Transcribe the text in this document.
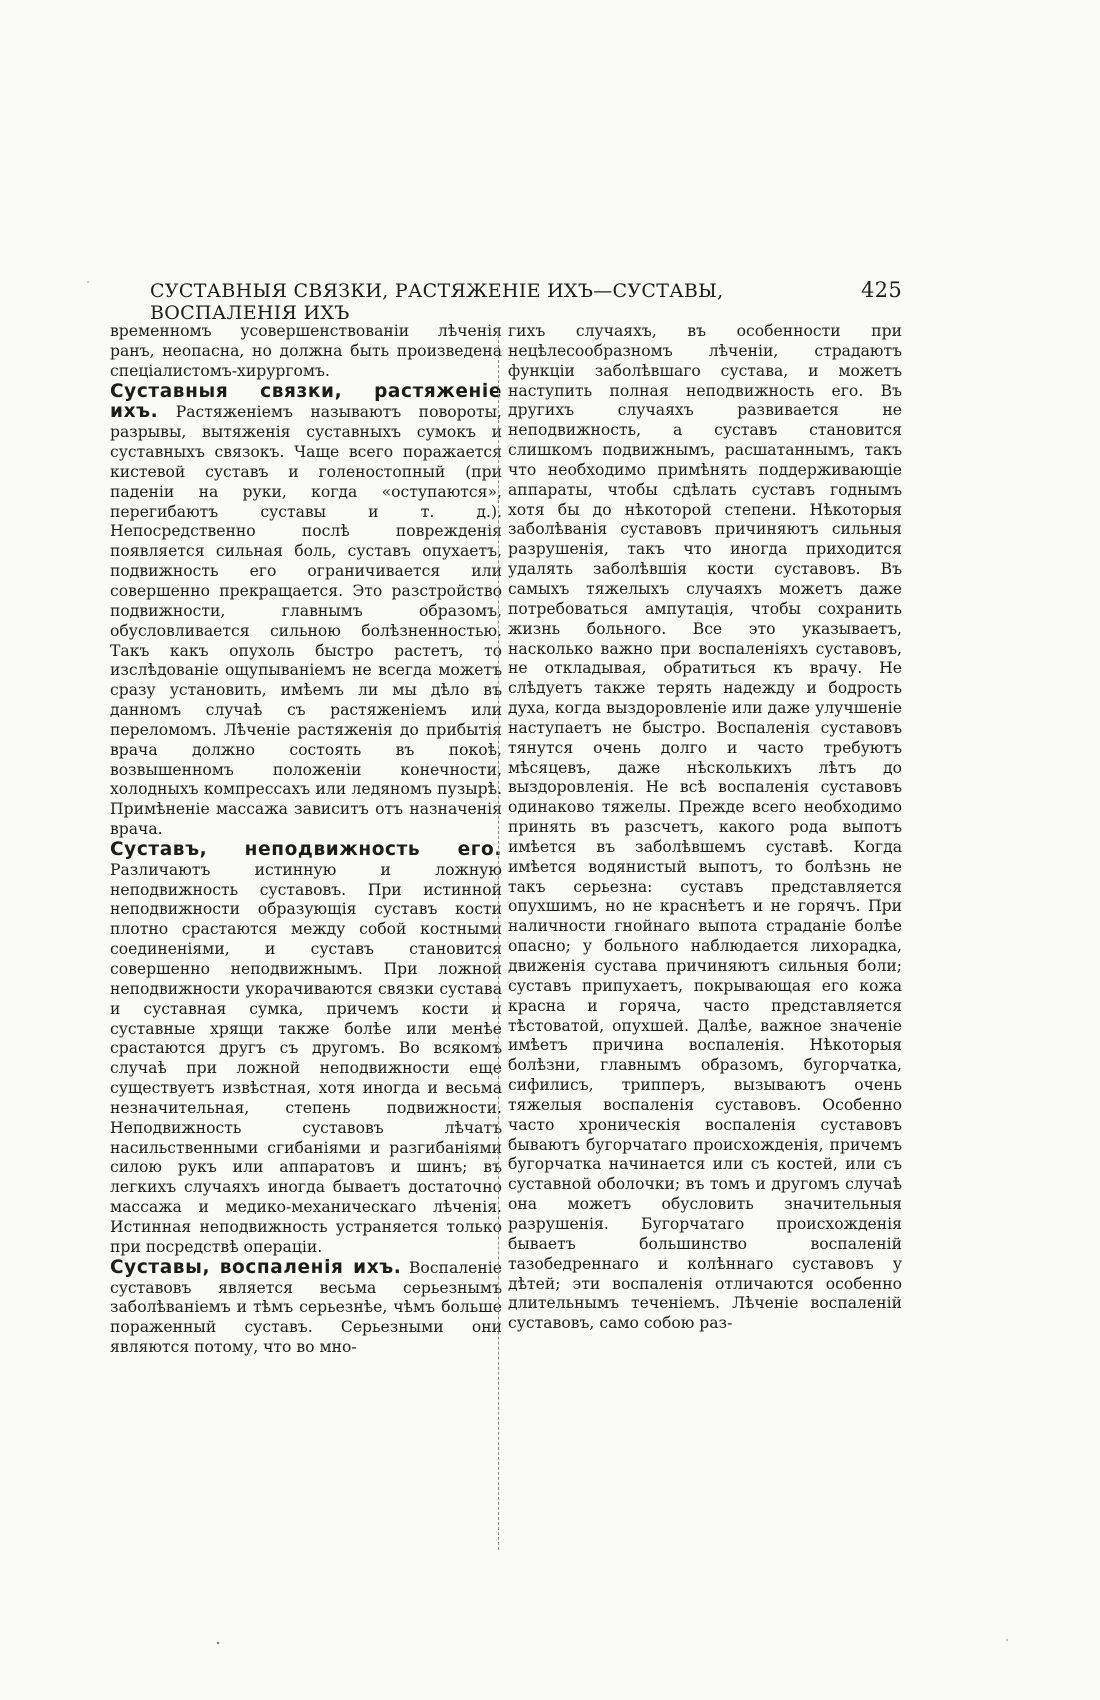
СУСТАВНЫЯ СВЯЗКИ, РАСТЯЖЕНІЕ ИХЪ—СУСТАВЫ, ВОСПАЛЕНІЯ ИХЪ
425

временномъ усовершенствованіи лѣченія ранъ, неопасна, но должна быть произведена спеціалистомъ-хирургомъ.

Суставныя связки, растяженіе ихъ. Растяженіемъ называютъ повороты, разрывы, вытяженія суставныхъ сумокъ и суставныхъ связокъ. Чаще всего поражается кистевой суставъ и голеностопный (при паденіи на руки, когда «оступаются», перегибаютъ суставы и т. д.). Непосредственно послѣ поврежденія появляется сильная боль, суставъ опухаетъ, подвижность его ограничивается или совершенно прекращается. Это разстройство подвижности, главнымъ образомъ, обусловливается сильною болѣзненностью. Такъ какъ опухоль быстро растетъ, то изслѣдованіе ощупываніемъ не всегда можетъ сразу установить, имѣемъ ли мы дѣло въ данномъ случаѣ съ растяженіемъ или переломомъ. Лѣченіе растяженія до прибытія врача должно состоять въ покоѣ, возвышенномъ положеніи конечности, холодныхъ компрессахъ или ледяномъ пузырѣ. Примѣненіе массажа зависитъ отъ назначенія врача.

Суставъ, неподвижность его. Различаютъ истинную и ложную неподвижность суставовъ. При истинной неподвижности образующія суставъ кости плотно срастаются между собой костными соединеніями, и суставъ становится совершенно неподвижнымъ. При ложной неподвижности укорачиваются связки сустава и суставная сумка, причемъ кости и суставные хрящи также болѣе или менѣе срастаются другъ съ другомъ. Во всякомъ случаѣ при ложной неподвижности еще существуетъ извѣстная, хотя иногда и весьма незначительная, степень подвижности. Неподвижность суставовъ лѣчатъ насильственными сгибаніями и разгибаніями силою рукъ или аппаратовъ и шинъ; въ легкихъ случаяхъ иногда бываетъ достаточно массажа и медико-механическаго лѣченія. Истинная неподвижность устраняется только при посредствѣ операціи.

Суставы, воспаленія ихъ. Воспаленіе суставовъ является весьма серьезнымъ заболѣваніемъ и тѣмъ серьезнѣе, чѣмъ больше пораженный суставъ. Серьезными они являются потому, что во мно-

гихъ случаяхъ, въ особенности при нецѣлесообразномъ лѣченіи, страдаютъ функціи заболѣвшаго сустава, и можетъ наступить полная неподвижность его. Въ другихъ случаяхъ развивается не неподвижность, а суставъ становится слишкомъ подвижнымъ, расшатаннымъ, такъ что необходимо примѣнять поддерживающіе аппараты, чтобы сдѣлать суставъ годнымъ хотя бы до нѣкоторой степени. Нѣкоторыя заболѣванія суставовъ причиняютъ сильныя разрушенія, такъ что иногда приходится удалять заболѣвшія кости суставовъ. Въ самыхъ тяжелыхъ случаяхъ можетъ даже потребоваться ампутація, чтобы сохранить жизнь больного. Все это указываетъ, насколько важно при воспаленіяхъ суставовъ, не откладывая, обратиться къ врачу. Не слѣдуетъ также терять надежду и бодрость духа, когда выздоровленіе или даже улучшеніе наступаетъ не быстро. Воспаленія суставовъ тянутся очень долго и часто требуютъ мѣсяцевъ, даже нѣсколькихъ лѣтъ до выздоровленія. Не всѣ воспаленія суставовъ одинаково тяжелы. Прежде всего необходимо принять въ разсчетъ, какого рода выпотъ имѣется въ заболѣвшемъ суставѣ. Когда имѣется водянистый выпотъ, то болѣзнь не такъ серьезна: суставъ представляется опухшимъ, но не краснѣетъ и не горячъ. При наличности гнойнаго выпота страданіе болѣе опасно; у больного наблюдается лихорадка, движенія сустава причиняютъ сильныя боли; суставъ припухаетъ, покрывающая его кожа красна и горяча, часто представляется тѣстоватой, опухшей. Далѣе, важное значеніе имѣетъ причина воспаленія. Нѣкоторыя болѣзни, главнымъ образомъ, бугорчатка, сифилисъ, трипперъ, вызываютъ очень тяжелыя воспаленія суставовъ. Особенно часто хроническія воспаленія суставовъ бываютъ бугорчатаго происхожденія, причемъ бугорчатка начинается или съ костей, или съ суставной оболочки; въ томъ и другомъ случаѣ она можетъ обусловить значительныя разрушенія. Бугорчатаго происхожденія бываетъ большинство воспаленій тазобедреннаго и колѣннаго суставовъ у дѣтей; эти воспаленія отличаются особенно длительнымъ теченіемъ. Лѣченіе воспаленій суставовъ, само собою раз-
